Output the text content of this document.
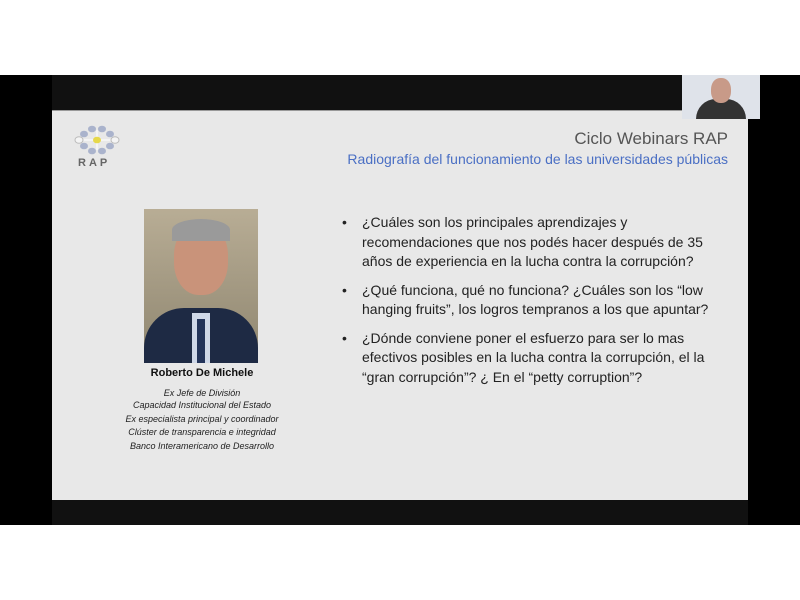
RAP
Ciclo Webinars RAP
Radiografía del funcionamiento de las universidades públicas
Roberto De Michele
Ex Jefe de División
Capacidad Institucional del Estado
Ex especialista principal y coordinador
Clúster de transparencia e integridad
Banco Interamericano de Desarrollo
• ¿Cuáles son los principales aprendizajes y recomendaciones que nos podés hacer después de 35 años de experiencia en la lucha contra la corrupción?
• ¿Qué funciona, qué no funciona? ¿Cuáles son los “low hanging fruits”, los logros tempranos a los que apuntar?
• ¿Dónde conviene poner el esfuerzo para ser lo mas efectivos posibles en la lucha contra la corrupción, el la “gran corrupción”? ¿ En el “petty corruption”?
